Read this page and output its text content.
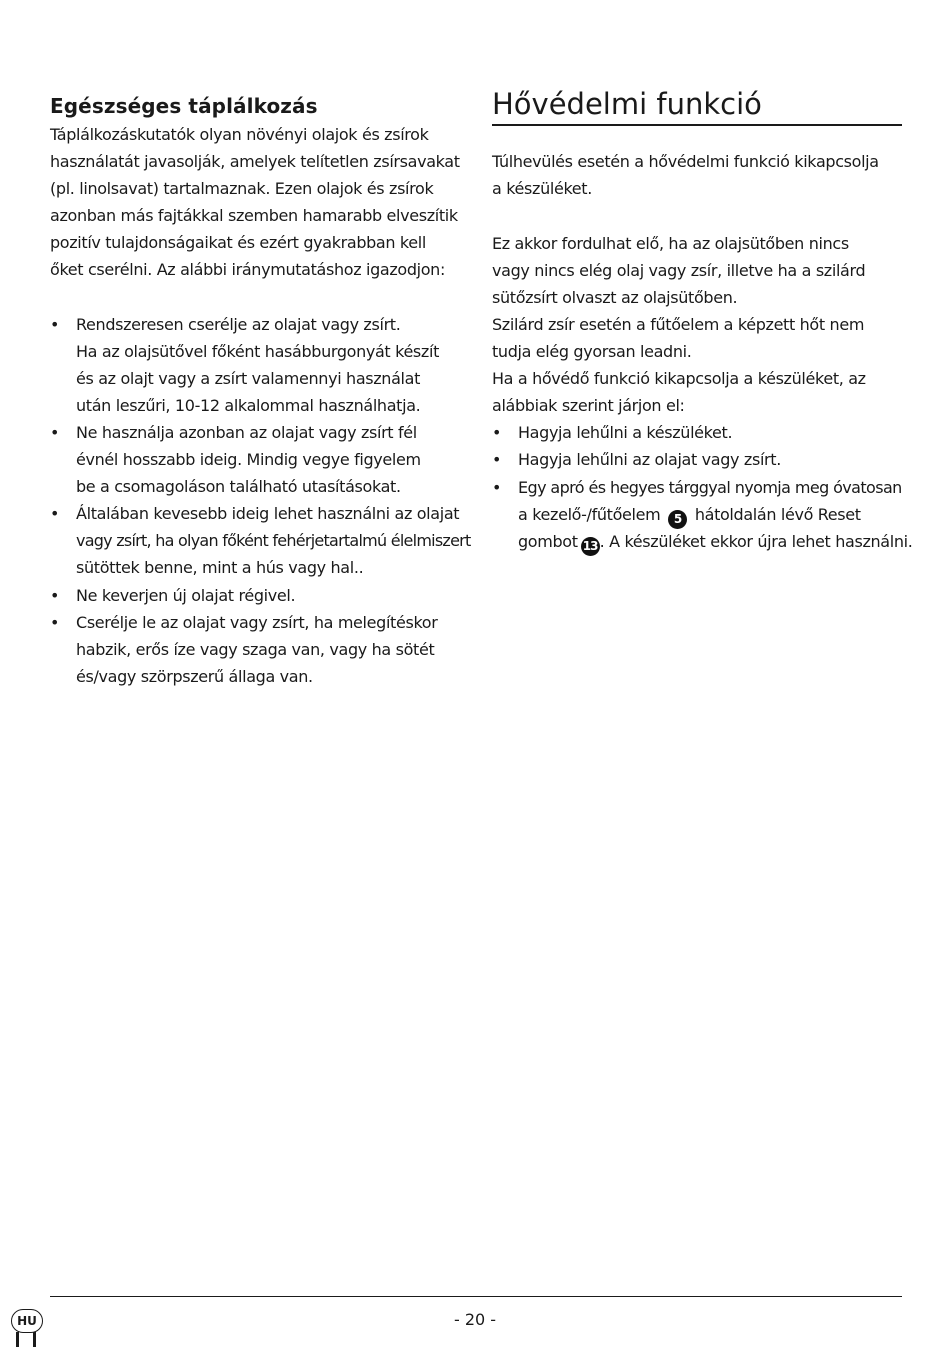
Egészséges táplálkozás
Táplálkozáskutatók olyan növényi olajok és zsírok
használatát javasolják, amelyek telítetlen zsírsavakat
(pl. linolsavat) tartalmaznak. Ezen olajok és zsírok
azonban más fajtákkal szemben hamarabb elveszítik
pozitív tulajdonságaikat és ezért gyakrabban kell
őket cserélni. Az alábbi iránymutatáshoz igazodjon:
• Rendszeresen cserélje az olajat vagy zsírt.
Ha az olajsütővel főként hasábburgonyát készít
és az olajt vagy a zsírt valamennyi használat
után leszűri, 10-12 alkalommal használhatja.
• Ne használja azonban az olajat vagy zsírt fél
évnél hosszabb ideig. Mindig vegye figyelem
be a csomagoláson található utasításokat.
• Általában kevesebb ideig lehet használni az olajat
vagy zsírt, ha olyan főként fehérjetartalmú élelmiszert
sütöttek benne, mint a hús vagy hal..
• Ne keverjen új olajat régivel.
• Cserélje le az olajat vagy zsírt, ha melegítéskor
habzik, erős íze vagy szaga van, vagy ha sötét
és/vagy szörpszerű állaga van.
Hővédelmi funkció
Túlhevülés esetén a hővédelmi funkció kikapcsolja
a készüléket.
Ez akkor fordulhat elő, ha az olajsütőben nincs
vagy nincs elég olaj vagy zsír, illetve ha a szilárd
sütőzsírt olvaszt az olajsütőben.
Szilárd zsír esetén a fűtőelem a képzett hőt nem
tudja elég gyorsan leadni.
Ha a hővédő funkció kikapcsolja a készüléket, az
alábbiak szerint járjon el:
• Hagyja lehűlni a készüléket.
• Hagyja lehűlni az olajat vagy zsírt.
• Egy apró és hegyes tárggyal nyomja meg óvatosan
a kezelő-/fűtőelem 5 hátoldalán lévő Reset
gombot 13 . A készüléket ekkor újra lehet használni.
HU	- 20 -
